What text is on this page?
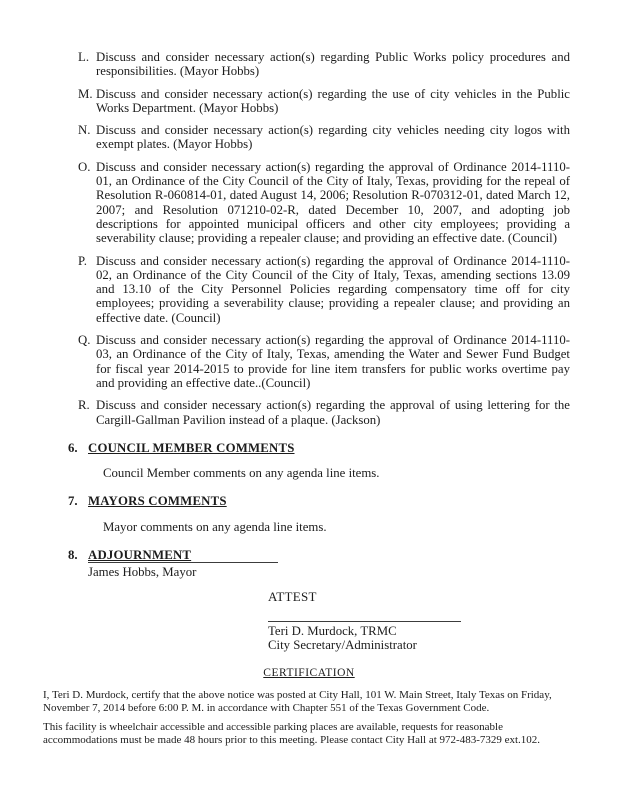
L. Discuss and consider necessary action(s) regarding Public Works policy procedures and responsibilities. (Mayor Hobbs)
M. Discuss and consider necessary action(s) regarding the use of city vehicles in the Public Works Department. (Mayor Hobbs)
N. Discuss and consider necessary action(s) regarding city vehicles needing city logos with exempt plates. (Mayor Hobbs)
O. Discuss and consider necessary action(s) regarding the approval of Ordinance 2014-1110-01, an Ordinance of the City Council of the City of Italy, Texas, providing for the repeal of Resolution R-060814-01, dated August 14, 2006; Resolution R-070312-01, dated March 12, 2007; and Resolution 071210-02-R, dated December 10, 2007, and adopting job descriptions for appointed municipal officers and other city employees; providing a severability clause; providing a repealer clause; and providing an effective date. (Council)
P. Discuss and consider necessary action(s) regarding the approval of Ordinance 2014-1110-02, an Ordinance of the City Council of the City of Italy, Texas, amending sections 13.09 and 13.10 of the City Personnel Policies regarding compensatory time off for city employees; providing a severability clause; providing a repealer clause; and providing an effective date. (Council)
Q. Discuss and consider necessary action(s) regarding the approval of Ordinance 2014-1110-03, an Ordinance of the City of Italy, Texas, amending the Water and Sewer Fund Budget for fiscal year 2014-2015 to provide for line item transfers for public works overtime pay and providing an effective date..(Council)
R. Discuss and consider necessary action(s) regarding the approval of using lettering for the Cargill-Gallman Pavilion instead of a plaque. (Jackson)
6. COUNCIL MEMBER COMMENTS
Council Member comments on any agenda line items.
7. MAYORS COMMENTS
Mayor comments on any agenda line items.
8. ADJOURNMENT
James Hobbs, Mayor
ATTEST
Teri D. Murdock, TRMC
City Secretary/Administrator
CERTIFICATION
I, Teri D. Murdock, certify that the above notice was posted at City Hall, 101 W. Main Street, Italy Texas on Friday, November 7, 2014 before 6:00 P. M. in accordance with Chapter 551 of the Texas Government Code.
This facility is wheelchair accessible and accessible parking places are available, requests for reasonable accommodations must be made 48 hours prior to this meeting. Please contact City Hall at 972-483-7329 ext.102.
